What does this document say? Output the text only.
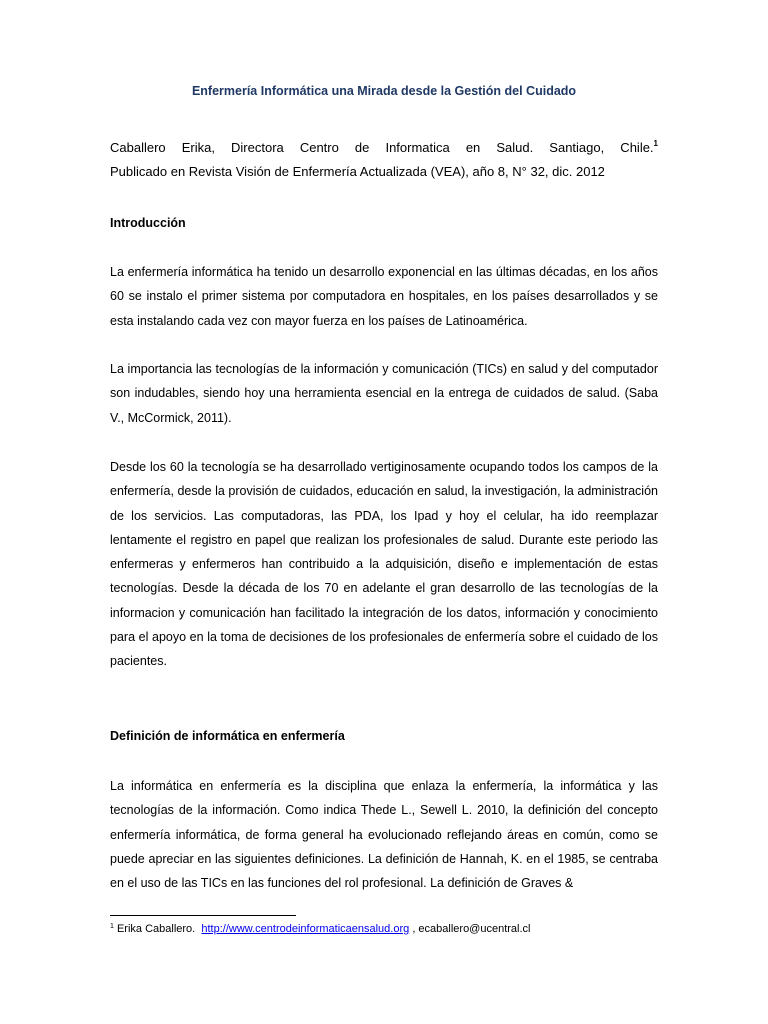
Enfermería Informática una Mirada desde la Gestión del Cuidado
Caballero Erika, Directora Centro de Informatica en Salud. Santiago, Chile.$^1$
Publicado en Revista Visión de Enfermería Actualizada (VEA), año 8, N° 32, dic. 2012
Introducción
La enfermería informática ha tenido un desarrollo exponencial en las últimas décadas, en los años 60 se instalo el primer sistema por computadora en hospitales, en los países desarrollados y se esta instalando cada vez con mayor fuerza en los países de Latinoamérica.
La importancia las tecnologías de la información y comunicación (TICs) en salud y del computador son indudables, siendo hoy una herramienta esencial en la entrega de cuidados de salud. (Saba V., McCormick, 2011).
Desde los 60 la tecnología se ha desarrollado vertiginosamente ocupando todos los campos de la enfermería, desde la provisión de cuidados, educación en salud, la investigación, la administración de los servicios. Las computadoras, las PDA, los Ipad y hoy el celular, ha ido reemplazar lentamente el registro en papel que realizan los profesionales de salud. Durante este periodo las enfermeras y enfermeros han contribuido a la adquisición, diseño e implementación de estas tecnologías. Desde la década de los 70 en adelante el gran desarrollo de las tecnologías de la informacion y comunicación han facilitado la integración de los datos, información y conocimiento para el apoyo en la toma de decisiones de los profesionales de enfermería sobre el cuidado de los pacientes.
Definición de informática en enfermería
La informática en enfermería es la disciplina que enlaza la enfermería, la informática y las tecnologías de la información. Como indica Thede L., Sewell L. 2010, la definición del concepto enfermería informática, de forma general ha evolucionado reflejando áreas en común, como se puede apreciar en las siguientes definiciones. La definición de Hannah, K. en el 1985, se centraba en el uso de las TICs en las funciones del rol profesional. La definición de Graves &
$^1$ Erika Caballero. http://www.centrodeinformaticaensalud.org , ecaballero@ucentral.cl
